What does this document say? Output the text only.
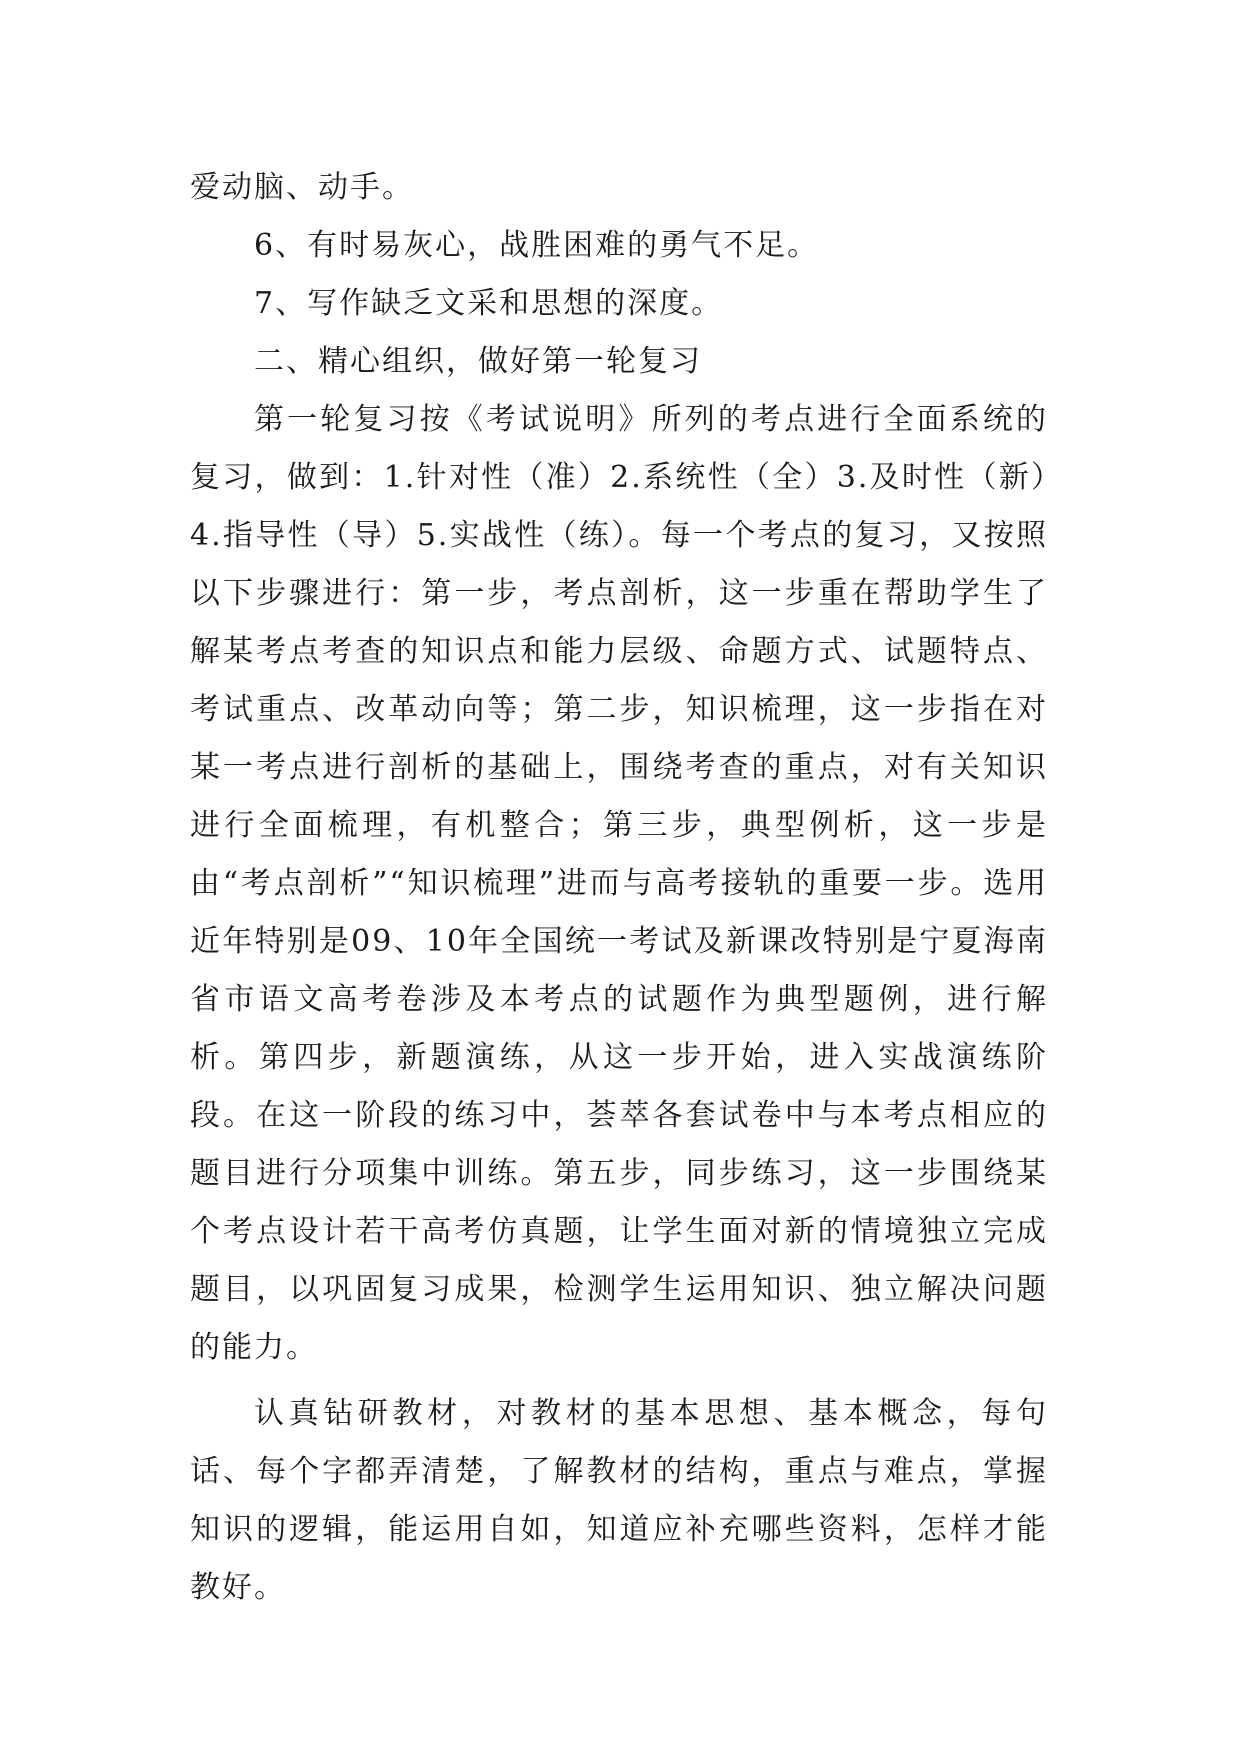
爱动脑、动手。

6、有时易灰心，战胜困难的勇气不足。

7、写作缺乏文采和思想的深度。

二、精心组织，做好第一轮复习

第一轮复习按《考试说明》所列的考点进行全面系统的复习，做到：1.针对性（准）2.系统性（全）3.及时性（新）4.指导性（导）5.实战性（练）。每一个考点的复习，又按照以下步骤进行：第一步，考点剖析，这一步重在帮助学生了解某考点考查的知识点和能力层级、命题方式、试题特点、考试重点、改革动向等；第二步，知识梳理，这一步指在对某一考点进行剖析的基础上，围绕考查的重点，对有关知识进行全面梳理，有机整合；第三步，典型例析，这一步是由“考点剖析”“知识梳理”进而与高考接轨的重要一步。选用近年特别是09、10年全国统一考试及新课改特别是宁夏海南省市语文高考卷涉及本考点的试题作为典型题例，进行解析。第四步，新题演练，从这一步开始，进入实战演练阶段。在这一阶段的练习中，荟萃各套试卷中与本考点相应的题目进行分项集中训练。第五步，同步练习，这一步围绕某个考点设计若干高考仿真题，让学生面对新的情境独立完成题目，以巩固复习成果，检测学生运用知识、独立解决问题的能力。

认真钻研教材，对教材的基本思想、基本概念，每句话、每个字都弄清楚，了解教材的结构，重点与难点，掌握知识的逻辑，能运用自如，知道应补充哪些资料，怎样才能教好。
